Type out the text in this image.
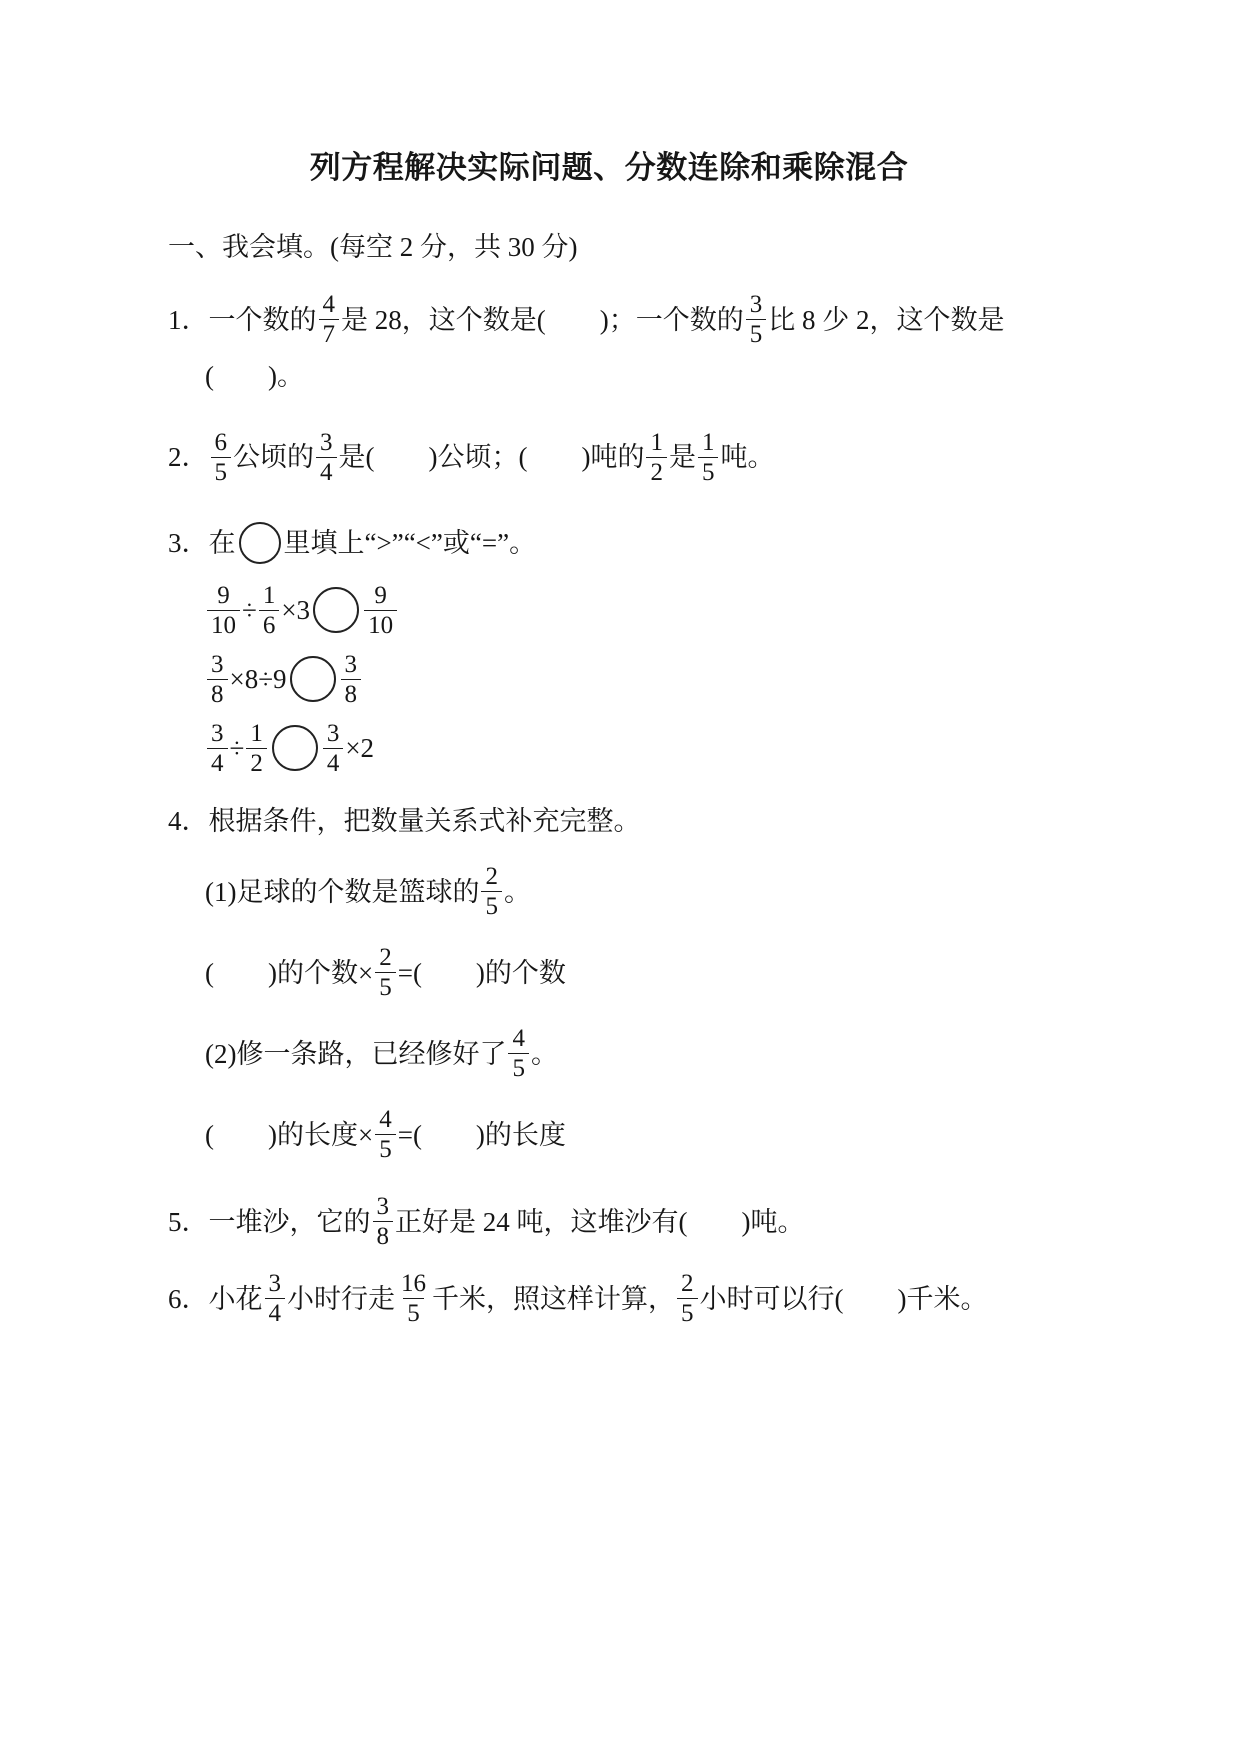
列方程解决实际问题、分数连除和乘除混合
一、我会填。(每空 2 分，共 30 分)
1． 一个数的 $\frac{4}{7}$ 是 28，这个数是(　　)；一个数的 $\frac{3}{5}$ 比 8 少 2，这个数是
(　　)。
2． $\frac{6}{5}$ 公顷的 $\frac{3}{4}$ 是(　　)公顷；(　　)吨的 $\frac{1}{2}$ 是 $\frac{1}{5}$ 吨。
3． 在 里填上“>”“<”或“=”。
$\frac{9}{10} \div \frac{1}{6} \times 3 \frac{9}{10}$
$\frac{3}{8} \times 8\div 9 \frac{3}{8}$
$\frac{3}{4} \div \frac{1}{2} \frac{3}{4} \times 2$
4． 根据条件，把数量关系式补充完整。
(1)足球的个数是篮球的 $\frac{2}{5}$ 。
(　　)的个数× $\frac{2}{5}$ =(　　)的个数
(2)修一条路，已经修好了 $\frac{4}{5}$ 。
(　　)的长度× $\frac{4}{5}$ =(　　)的长度
5． 一堆沙，它的 $\frac{3}{8}$ 正好是 24 吨，这堆沙有(　　)吨。
6． 小花 $\frac{3}{4}$ 小时行走 $\frac{16}{5}$ 千米，照这样计算， $\frac{2}{5}$ 小时可以行(　　)千米。
